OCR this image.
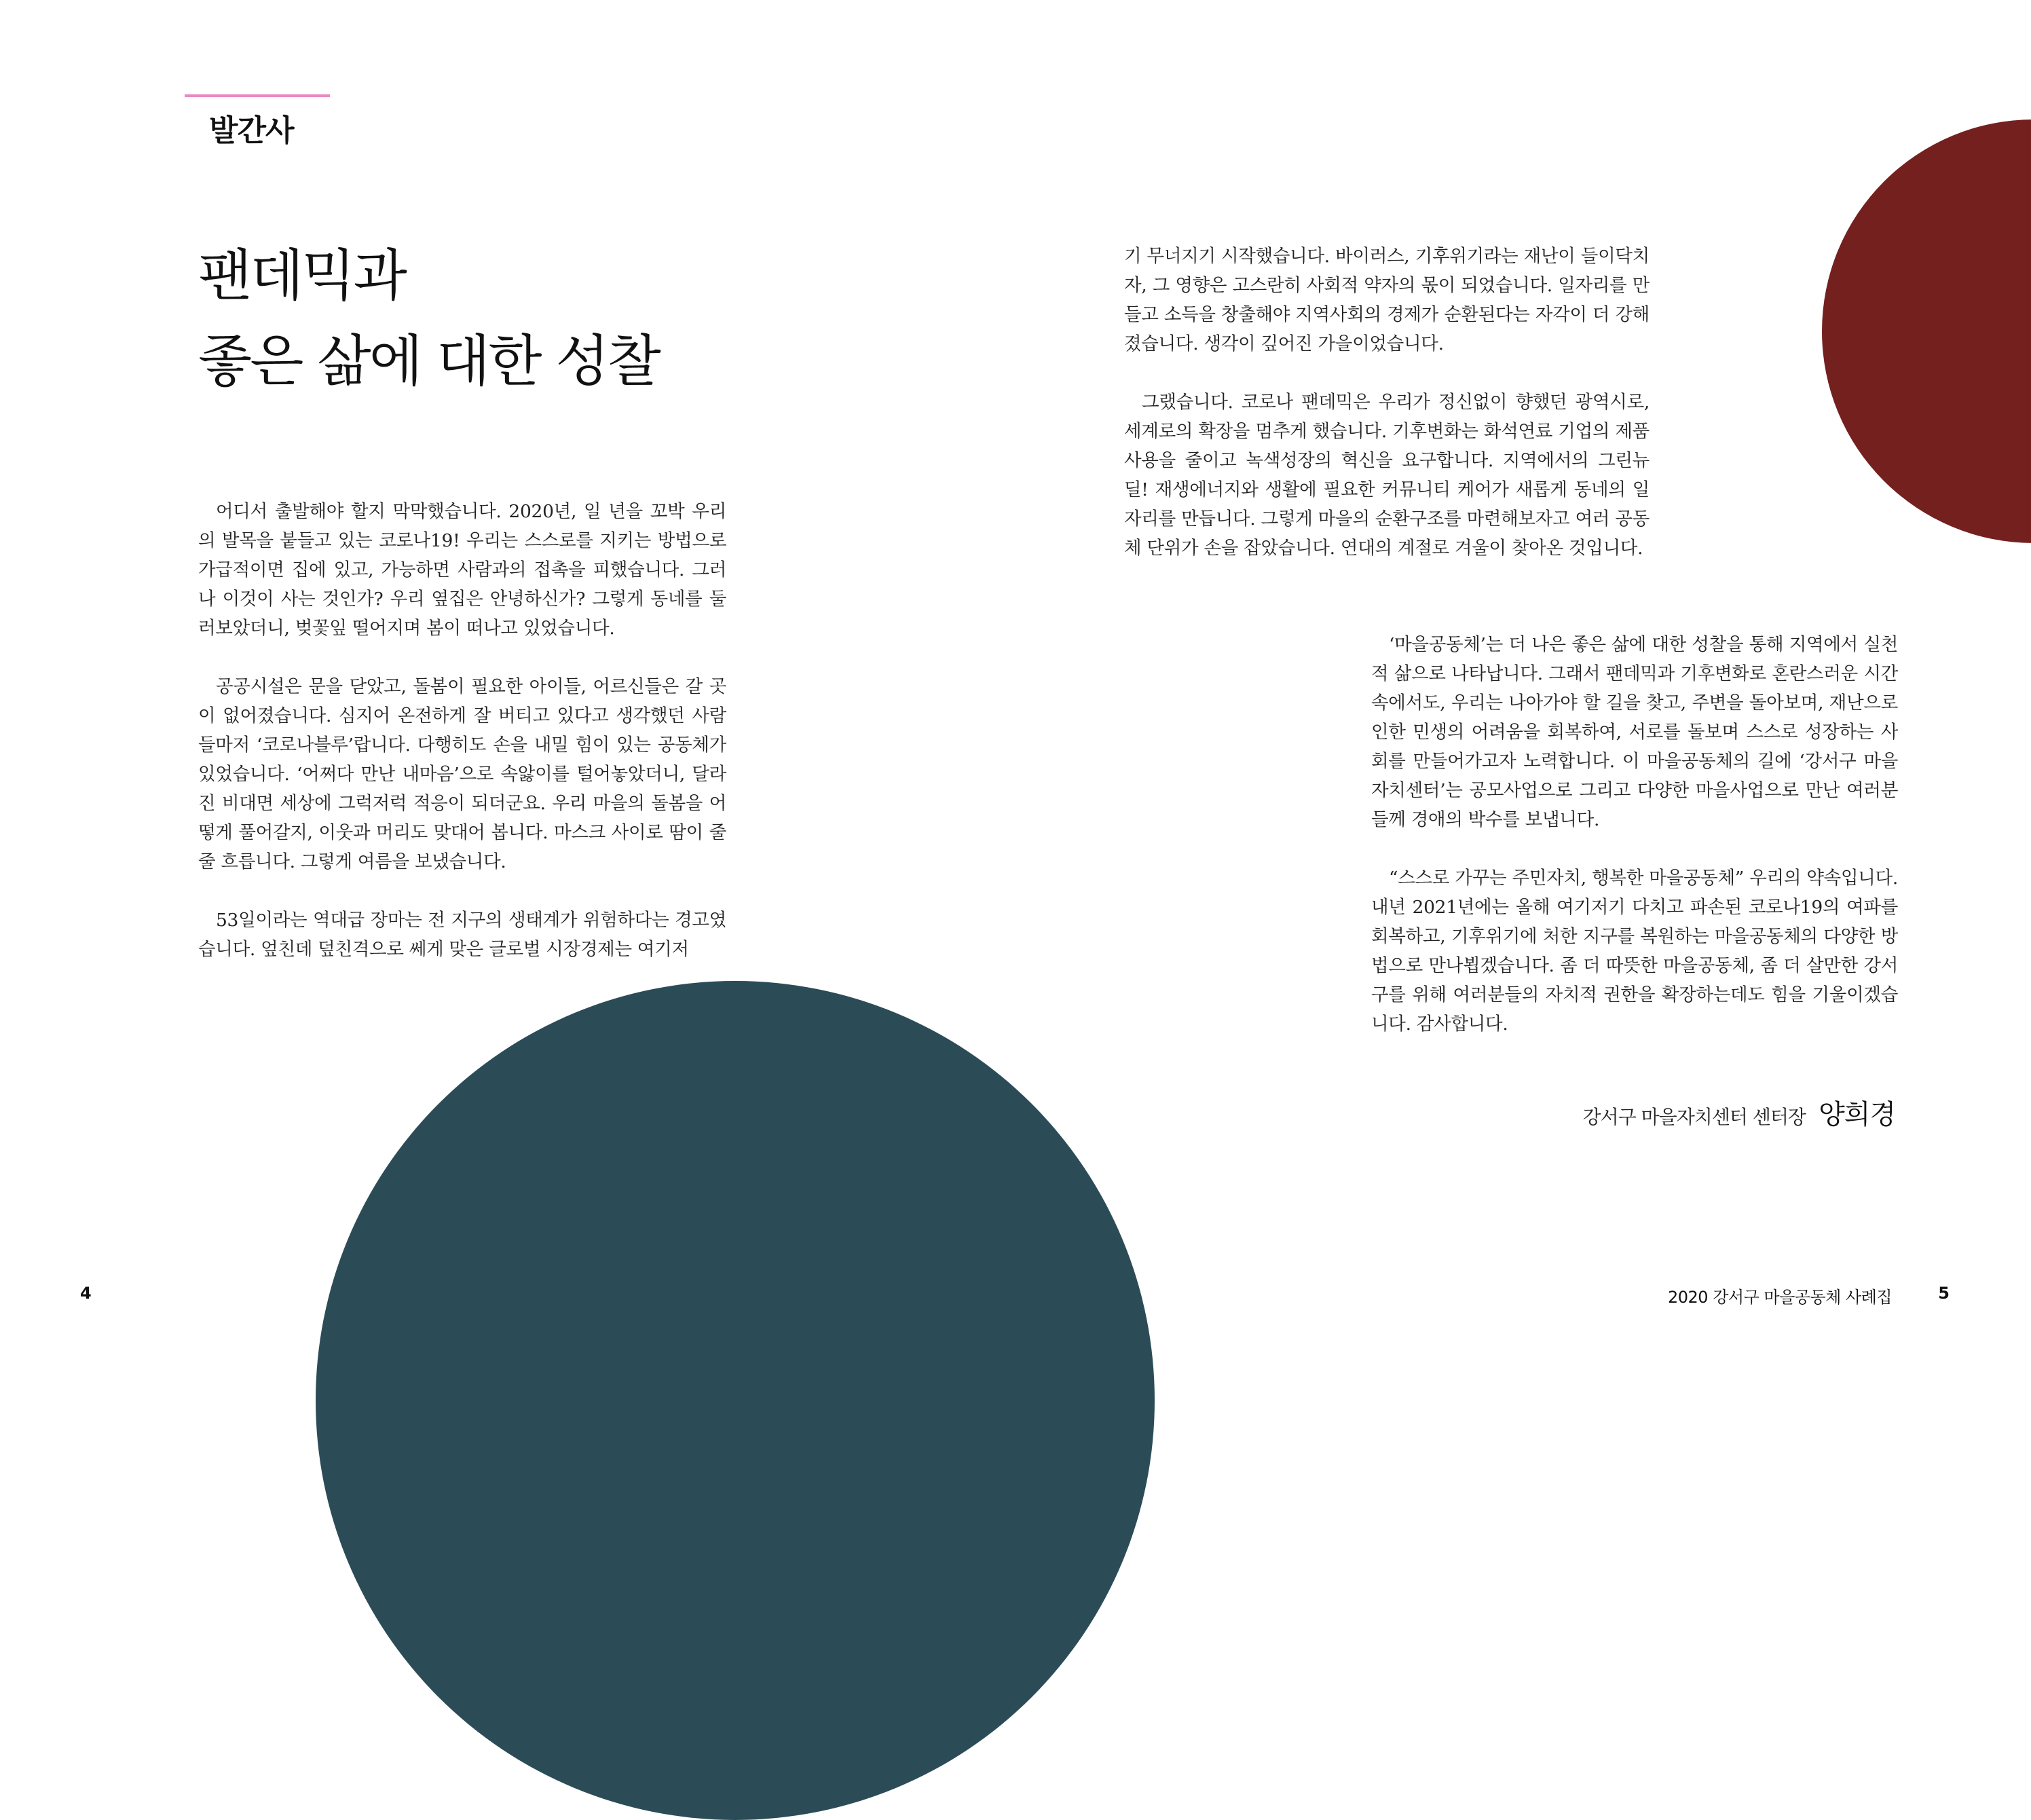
발간사
팬데믹과
좋은 삶에 대한 성찰

어디서 출발해야 할지 막막했습니다. 2020년, 일 년을 꼬박 우리의 발목을 붙들고 있는 코로나19! 우리는 스스로를 지키는 방법으로 가급적이면 집에 있고, 가능하면 사람과의 접촉을 피했습니다. 그러나 이것이 사는 것인가? 우리 옆집은 안녕하신가? 그렇게 동네를 둘러보았더니, 벚꽃잎 떨어지며 봄이 떠나고 있었습니다.

공공시설은 문을 닫았고, 돌봄이 필요한 아이들, 어르신들은 갈 곳이 없어졌습니다. 심지어 온전하게 잘 버티고 있다고 생각했던 사람들마저 ‘코로나블루’랍니다. 다행히도 손을 내밀 힘이 있는 공동체가 있었습니다. ‘어쩌다 만난 내마음’으로 속앓이를 털어놓았더니, 달라진 비대면 세상에 그럭저럭 적응이 되더군요. 우리 마을의 돌봄을 어떻게 풀어갈지, 이웃과 머리도 맞대어 봅니다. 마스크 사이로 땀이 줄줄 흐릅니다. 그렇게 여름을 보냈습니다.

53일이라는 역대급 장마는 전 지구의 생태계가 위험하다는 경고였습니다. 엎친데 덮친격으로 쎄게 맞은 글로벌 시장경제는 여기저

기 무너지기 시작했습니다. 바이러스, 기후위기라는 재난이 들이닥치자, 그 영향은 고스란히 사회적 약자의 몫이 되었습니다. 일자리를 만들고 소득을 창출해야 지역사회의 경제가 순환된다는 자각이 더 강해졌습니다. 생각이 깊어진 가을이었습니다.

그랬습니다. 코로나 팬데믹은 우리가 정신없이 향했던 광역시로, 세계로의 확장을 멈추게 했습니다. 기후변화는 화석연료 기업의 제품 사용을 줄이고 녹색성장의 혁신을 요구합니다. 지역에서의 그린뉴딜! 재생에너지와 생활에 필요한 커뮤니티 케어가 새롭게 동네의 일자리를 만듭니다. 그렇게 마을의 순환구조를 마련해보자고 여러 공동체 단위가 손을 잡았습니다. 연대의 계절로 겨울이 찾아온 것입니다.

‘마을공동체’는 더 나은 좋은 삶에 대한 성찰을 통해 지역에서 실천적 삶으로 나타납니다. 그래서 팬데믹과 기후변화로 혼란스러운 시간 속에서도, 우리는 나아가야 할 길을 찾고, 주변을 돌아보며, 재난으로 인한 민생의 어려움을 회복하여, 서로를 돌보며 스스로 성장하는 사회를 만들어가고자 노력합니다. 이 마을공동체의 길에 ‘강서구 마을자치센터’는 공모사업으로 그리고 다양한 마을사업으로 만난 여러분들께 경애의 박수를 보냅니다.

“스스로 가꾸는 주민자치, 행복한 마을공동체” 우리의 약속입니다. 내년 2021년에는 올해 여기저기 다치고 파손된 코로나19의 여파를 회복하고, 기후위기에 처한 지구를 복원하는 마을공동체의 다양한 방법으로 만나뵙겠습니다. 좀 더 따뜻한 마을공동체, 좀 더 살만한 강서구를 위해 여러분들의 자치적 권한을 확장하는데도 힘을 기울이겠습니다. 감사합니다.

강서구 마을자치센터 센터장 양희경
4	2020 강서구 마을공동체 사례집	5
